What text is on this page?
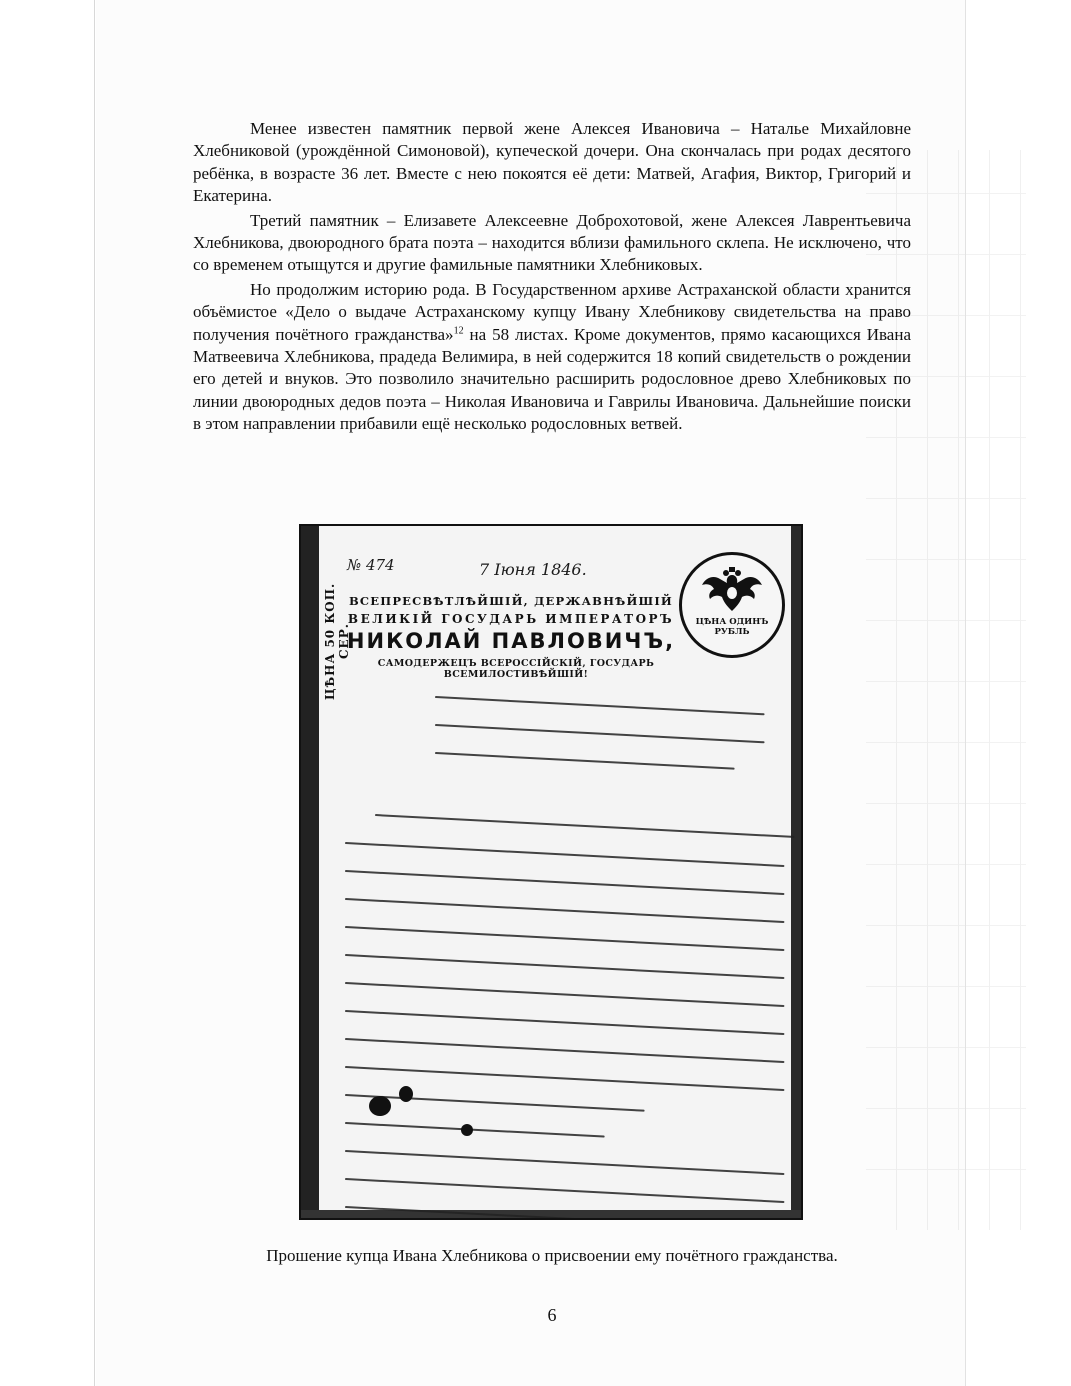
Менее известен памятник первой жене Алексея Ивановича – Наталье Михайловне Хлебниковой (урождённой Симоновой), купеческой дочери. Она скончалась при родах десятого ребёнка, в возрасте 36 лет. Вместе с нею покоятся её дети: Матвей, Агафия, Виктор, Григорий и Екатерина.

Третий памятник – Елизавете Алексеевне Доброхотовой, жене Алексея Лаврентьевича Хлебникова, двоюродного брата поэта – находится вблизи фамильного склепа. Не исключено, что со временем отыщутся и другие фамильные памятники Хлебниковых.

Но продолжим историю рода. В Государственном архиве Астраханской области хранится объёмистое «Дело о выдаче Астраханскому купцу Ивану Хлебникову свидетельства на право получения почётного гражданства»$^{12}$ на 58 листах. Кроме документов, прямо касающихся Ивана Матвеевича Хлебникова, прадеда Велимира, в ней содержится 18 копий свидетельств о рождении его детей и внуков. Это позволило значительно расширить родословное древо Хлебниковых по линии двоюродных дедов поэта – Николая Ивановича и Гаврилы Ивановича. Дальнейшие поиски в этом направлении прибавили ещё несколько родословных ветвей.

ЦѢНА 50 КОП. СЕР.
№ 474	7 Іюня 1846.
ВСЕПРЕСВѢТЛѢЙШІЙ, ДЕРЖАВНѢЙШІЙ
ВЕЛИКІЙ ГОСУДАРЬ ИМПЕРАТОРЪ
НИКОЛАЙ ПАВЛОВИЧЪ,
САМОДЕРЖЕЦЪ ВСЕРОССІЙСКІЙ, ГОСУДАРЬ ВСЕМИЛОСТИВѢЙШІЙ!
ЦѢНА ОДИНЪ РУБЛЬ
Прошение купца Ивана Хлебникова о присвоении ему почётного гражданства.
6
